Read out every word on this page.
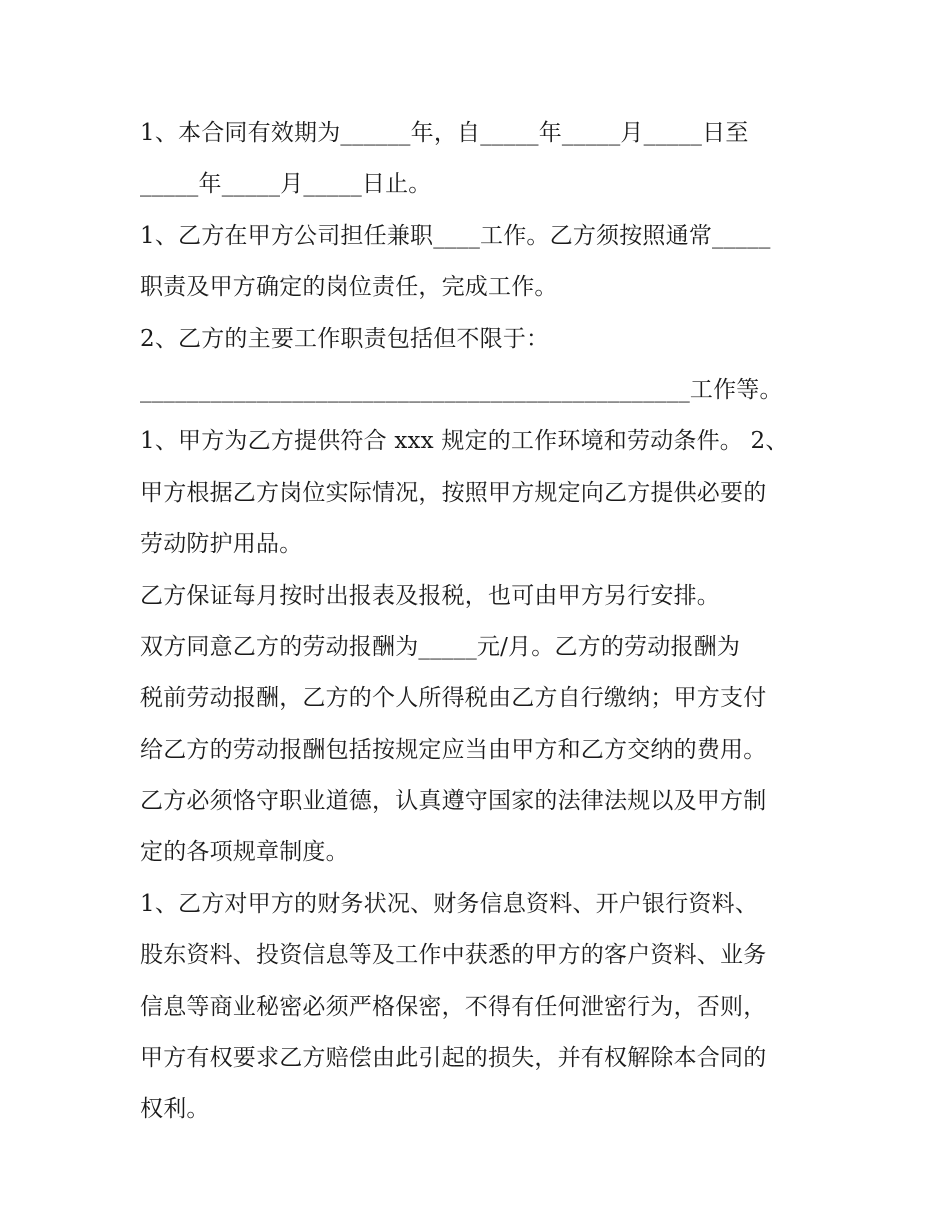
1、本合同有效期为______年，自_____年_____月_____日至
_____年_____月_____日止。
1、乙方在甲方公司担任兼职____工作。乙方须按照通常_____
职责及甲方确定的岗位责任，完成工作。
2、乙方的主要工作职责包括但不限于：
_______________________________________________工作等。
1、甲方为乙方提供符合 xxx 规定的工作环境和劳动条件。 2、
甲方根据乙方岗位实际情况，按照甲方规定向乙方提供必要的
劳动防护用品。
乙方保证每月按时出报表及报税，也可由甲方另行安排。
双方同意乙方的劳动报酬为_____元/月。乙方的劳动报酬为
税前劳动报酬，乙方的个人所得税由乙方自行缴纳；甲方支付
给乙方的劳动报酬包括按规定应当由甲方和乙方交纳的费用。
乙方必须恪守职业道德，认真遵守国家的法律法规以及甲方制
定的各项规章制度。
1、乙方对甲方的财务状况、财务信息资料、开户银行资料、
股东资料、投资信息等及工作中获悉的甲方的客户资料、业务
信息等商业秘密必须严格保密，不得有任何泄密行为，否则，
甲方有权要求乙方赔偿由此引起的损失，并有权解除本合同的
权利。
